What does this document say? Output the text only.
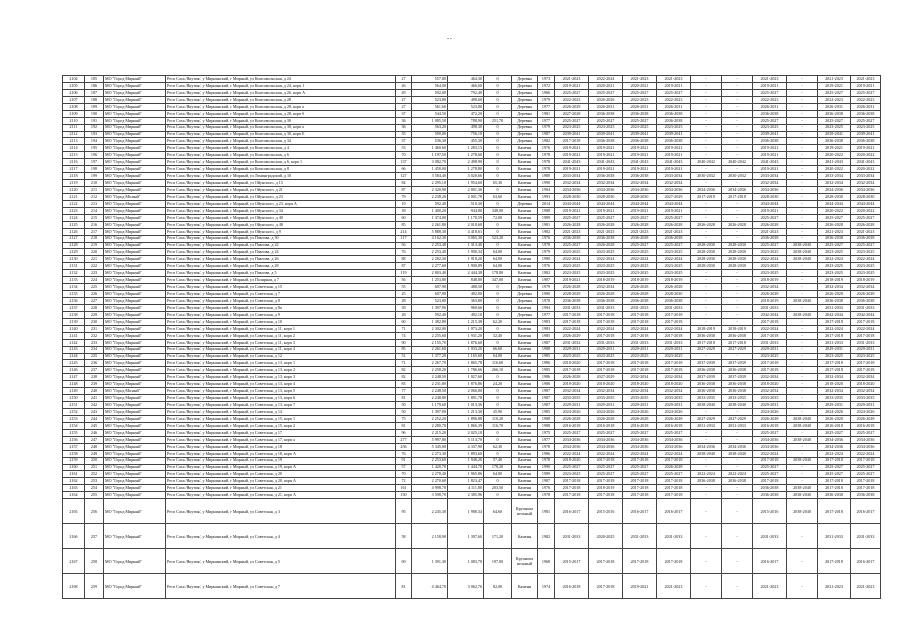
--
2104	185	МО "Город Мирный"	Респ Саха /Якутия/, у Мирнинский, г Мирный, ул Комсомольская, д 24	27	557,80	464,30	0	Деревян	1973	2021-2023	2022-2024	2021-2023	2021-2023	-	-	2021-2023	-	2021-2023	2021-2023
2105	186	МО "Город Мирный"	Респ Саха /Якутия/, у Мирнинский, г Мирный, ул Комсомольская, д 24, корп 1	26	564,00	466,60	0	Деревян	1972	2019-2021	2020-2021	2020-2021	2019-2021	-	-	2019-2021	-	2019-2021	2019-2021
2106	187	МО "Город Мирный"	Респ Саха /Якутия/, у Мирнинский, г Мирный, ул Комсомольская, д 26, корп А	49	592,00	792,40	0	Деревян	1966	2025-2027	2025-2027	2025-2027	2025-2027	-	-	2025-2027	-	2025-2027	2025-2027
2107	188	МО "Город Мирный"	Респ Саха /Якутия/, у Мирнинский, г Мирный, ул Комсомольская, д 28	27	523,80	498,60	0	Деревян	1979	2022-2023	2026-2026	2022-2023	2022-2023	-	-	2022-2023	-	2022-2023	2022-2023
2108	189	МО "Город Мирный"	Респ Саха /Якутия/, у Мирнинский, г Мирный, ул Комсомольская, д 28, корп а	27	561,60	523,80	0	Деревян	1977	2026-2029	2026-2031	2026-2031	2026-2031	-	-	2026-2031	-	2026-2031	2026-2031
2109	190	МО "Город Мирный"	Респ Саха /Якутия/, у Мирнинский, г Мирный, ул Комсомольская, д 28, корп б	37	544,50	472,20	0	Деревян	1981	2027-2028	2036-2038	2036-2038	2036-2038	-	-	2036-2038	-	2036-2038	2036-2038
2110	191	МО "Город Мирный"	Респ Саха /Якутия/, у Мирнинский, г Мирный, ул Комсомольская, д 30	36	1 085,50	788,90	251,70	Деревян	1977	2025-2027	2025-2027	2025-2027	2036-2038	-	-	2025-2027	-	2025-2027	2025-2027
2111	192	МО "Город Мирный"	Респ Саха /Якутия/, у Мирнинский, г Мирный, ул Комсомольская, д 30, корп а	36	563,20	498,30	0	Деревян	1979	2023-2025	2023-2025	2023-2025	2023-2025	-	-	2023-2025	-	2023-2025	2023-2025
2112	193	МО "Город Мирный"	Респ Саха /Якутия/, у Мирнинский, г Мирный, ул Комсомольская, д 30, корп Б	35	590,00	756,10	0	Деревян	1987	2039-2041	2039-2041	2039-2041	2039-2041	-	-	2039-2041	-	2039-2041	2039-2041
2113	194	МО "Город Мирный"	Респ Саха /Якутия/, у Мирнинский, г Мирный, ул Комсомольская, д 34	37	536,30	455,30	0	Деревян	1982	2017-2018	2036-2038	2036-2038	2036-2038	-	-	2036-2038	-	2036-2038	2036-2038
2114	195	МО "Город Мирный"	Респ Саха /Якутия/, у Мирнинский, г Мирный, ул Комсомольская, д 4	53	1 460,60	1 283,15	0	Каменн	1976	2019-2021	2019-2021	2019-2021	2019-2021	-	-	2019-2021	-	2019-2021	2019-2021
2115	196	МО "Город Мирный"	Респ Саха /Якутия/, у Мирнинский, г Мирный, ул Комсомольская, д 6	70	1 197,50	1 278,60	0	Каменн	1978	2019-2021	2019-2021	2019-2021	2019-2021	-	-	2019-2021	-	2020-2022	2020-2022
2116	197	МО "Город Мирный"	Респ Саха /Якутия/, у Мирнинский, г Мирный, ул Комсомольская, д 6, корп 1	137	3 082,70	2 498,90	0	Каменн	1978	2041-2043	2041-2043	2041-2043	2041-2043	2040-2042	2040-2042	2041-2043	-	2041-2043	2041-2043
2117	198	МО "Город Мирный"	Респ Саха /Якутия/, у Мирнинский, г Мирный, ул Комсомольская, д 8	66	1 450,00	1 278,80	0	Каменн	1978	2019-2021	2019-2021	2019-2021	2019-2021	-	-	2019-2021	-	2020-2022	2020-2022
2118	199	МО "Город Мирный"	Респ Саха /Якутия/, у Мирнинский, г Мирный, ул Ленинградский, д 10	127	3 584,40	3 020,66	0	Каменн	1980	2033-2034	2036-2038	2036-2038	2033-2034	2030-2032	2030-2032	2033-2034	-	2033-2034	2033-2034
2119	210	МО "Город Мирный"	Респ Саха /Якутия/, у Мирнинский, г Мирный, ул Ойунского, д 13	84	2 295,10	1 954,60	65,30	Каменн	1990	2032-2034	2032-2034	2032-2034	2032-2034	-	-	2032-2034	-	2032-2034	2032-2034
2120	211	МО "Город Мирный"	Респ Саха /Якутия/, у Мирнинский, г Мирный, ул Ойунского, д 21	87	2 320,90	2 001,36	0	Каменн	1994	2034-2036	2034-2036	2034-2036	2034-2036	2034-2036	2034-2036	2034-2036	-	2034-2036	2034-2036
2121	212	МО "Город Мirный"	Респ Саха /Якутия/, у Мирнинский, г Мирный, ул Ойунского, д 23	79	2 238,20	2 001,78	63,60	Каменн	1993	2028-2030	2028-2030	2028-2030	2027-2029	2017-2018	2017-2018	2028-2030	-	2028-2030	2028-2030
2122	213	МО "Город Мирный"	Респ Саха /Якутия/, у Мирнинский, г Мирный, ул Ойунского, д 23, корп А	19	592,40	510,30	0	Деревян	2014	2044-2044	2044-2044	2044-2044	2044-2044	-	-	2044-2044	-	2044-2044	2044-2044
2123	214	МО "Город Мирный"	Респ Саха /Якутия/, у Мирнинский, г Мирный, ул Ойунского, д 34	39	1 400,20	944,80	348,00	Каменн	1988	2019-2021	2019-2021	2019-2021	2019-2021	-	-	2019-2021	-	2020-2022	2020-2022
2124	215	МО "Город Мирный"	Респ Саха /Якутия/, у Мирнинский, г Мирный, ул Ойунского, д 40	60	1 374,00	1 170,59	72,00	Каменн	1989	2025-2027	2025-2027	2025-2027	2025-2027	-	-	2025-2027	-	2025-2027	2025-2027
2125	216	МО "Город Мирный"	Респ Саха /Якутия/, у Мирнинский, г Мирный, ул Ойунского, д 48	85	2 261,80	2 018,60	0	Каменн	1981	2026-2028	2026-2028	2026-2028	2026-2028	2026-2028	2026-2028	2026-2028	-	2026-2028	2026-2028
2126	217	МО "Город Мирный"	Респ Саха /Якутия/, у Мирнинский, г Мирный, ул Ойунского, д 9	214	5 888,30	4 418,61	0	Каменн	1982	2021-2023	2021-2023	2021-2023	2021-2023	-	-	2021-2023	-	2021-2023	2021-2023
2127	218	МО "Город Мирный"	Респ Саха /Якутия/, у Мирнинский, г Мирный, ул Павлова, д 30	117	4 162,30	3 065,30	523,20	Каменн	1976	2036-2038	2036-2038	2036-2038	2036-2038	-	-	2036-2038	-	2036-2038	2036-2038
2128	219	МО "Город Мирный"	Респ Саха /Якутия/, у Мирнинский, г Мирный, ул Павлова, д 22	56	2 253,40	1 313,40	0	Каменн	1978	2025-2027	2026-2028	2025-2027	2025-2027	2028-2030	2028-2030	2025-2027	2038-2040	2025-2027	2025-2027
2129	220	МО "Город Мирный"	Респ Саха /Якутия/, у Мирнинский, г Мирный, ул Павлова, д 24	76	2 253,40	1 900,34	64,00	Каменн	1979	2023-2025	2023-2025	2023-2025	2023-2025	2028-2030	2028-2030	2023-2025	2038-2040	2023-2025	2023-2025
2130	221	МО "Город Мирный"	Респ Саха /Якутия/, у Мирнинский, г Мирный, ул Павлова, д 26	88	2 282,30	1 918,20	64,00	Каменн	1980	2022-2024	2022-2024	2022-2024	2022-2024	2028-2030	2028-2030	2022-2024	2038-2040	2022-2024	2022-2024
2131	222	МО "Город Мирный"	Респ Саха /Якутия/, у Мирнинский, г Мирный, ул Павлова, д 28	87	2 277,60	1 900,89	64,00	Каменн	1976	2023-2025	2023-2025	2023-2025	2023-2025	2028-2030	2028-2030	2023-2025	-	2023-2025	2023-2025
2132	223	МО "Город Мирный"	Респ Саха /Якутия/, у Мирнинский, г Мирный, ул Павлова, д 5	119	2 803,40	2 444,38	178,80	Каменн	1982	2023-2025	2023-2025	2023-2025	2023-2025	-	-	2023-2025	-	2023-2025	2023-2025
2133	224	МО "Город Мирный"	Респ Саха /Якутия/, у Мирнинский, г Мирный, ул Полярная, д 7	56	1 253,80	848,80	347,00	Каменн	1987	2019-2021	2018-2019	2018-2019	2018-2019	-	-	2018-2019	-	2018-2019	2018-2019
2134	225	МО "Город Мирный"	Респ Саха /Якутия/, у Мирнинский, г Мирный, ул Советская, д 15	55	607,90	488,50	0	Деревян	1979	2026-2028	2032-2034	2026-2028	2026-2028	-	-	2032-2034	-	2032-2034	2032-2034
2135	226	МО "Город Мирный"	Респ Саха /Якутия/, у Мирнинский, г Мирный, ул Советская, д 7	25	607,90	492,00	0	Деревян	1980	2028-2029	2026-2028	2026-2028	2028-2030	-	-	2026-2028	-	2026-2028	2026-2028
2136	227	МО "Город Мирный"	Респ Саха /Якутия/, у Мирнинский, г Мирный, ул Советская, д 8	28	523,80	363,80	0	Деревян	1978	2036-2038	2036-2038	2036-2038	2036-2038	-	-	2018-2019	2038-2040	2036-2038	2036-2038
2137	228	МО "Город Мирный"	Респ Саха /Якутия/, у Мирнинский, г Мирный, ул Советская, д 8а	39	1 397,90	960,66	0	Каменн	1994	2031-2033	2031-2033	2031-2033	2031-2033	-	-	2031-2033	-	2031-2033	2031-2033
2138	229	МО "Город Мирный"	Респ Саха /Якутия/, у Мирнинский, г Мирный, ул Советская, д 9	28	592,40	492,10	0	Деревян	1977	2017-2018	2017-2018	2017-2018	2017-2018	-	-	2042-2044	2038-2040	2042-2044	2042-2044
2139	230	МО "Город Мирный"	Респ Саха /Якутия/, у Мирнинский, г Мирный, ул Советская, д 10	60	1 382,80	1 215,38	62,20	Каменн	1983	2017-2018	2017-2018	2017-2018	2017-2018	-	-	2017-2018	-	2017-2018	2017-2018
2140	231	МО "Город Мирный"	Респ Саха /Якутия/, у Мирнинский, г Мирный, ул Советская, д 11, корп 1	71	2 302,00	1 973,20	0	Каменн	1983	2022-2024	2022-2024	2022-2024	2022-2024	2018-2019	2018-2019	2022-2024	-	2022-2024	2022-2024
2141	232	МО "Город Мирный"	Респ Саха /Якутия/, у Мирнинский, г Мирный, ул Советская, д 11, корп 2	74	2 255,60	1 931,20	32,40	Каменн	1985	2026-2029	2017-2018	2017-2018	2017-2018	2036-2038	2036-2038	2017-2018	-	2017-2018	2017-2018
2142	233	МО "Город Мирный"	Респ Саха /Якутия/, у Мирнинский, г Мирный, ул Советская, д 11, корп 3	90	2 155,70	1 876,60	0	Каменн	1987	2031-2032	2031-2033	2031-2033	2031-2033	2017-2018	2017-2018	2031-2033	-	2031-2033	2031-2033
2143	234	МО "Город Мирный"	Респ Саха /Якутия/, у Мирнинский, г Мирный, ул Советская, д 11, корп 4	85	2 261,60	1 933,20	66,60	Каменн	1988	2029-2031	2029-2031	2029-2031	2029-2031	2027-2029	2027-2029	2029-2031	-	2029-2031	2029-2031
2144	235	МО "Город Мирный"	Респ Саха /Якутия/, у Мирнинский, г Мирный, ул Советская, д 12	51	1 377,20	1 165,60	64,00	Каменн	1985	2023-2025	2023-2025	2023-2025	2023-2025	-	-	2023-2025	-	2023-2025	2023-2025
2145	236	МО "Город Мирный"	Респ Саха /Якутия/, у Мирнинский, г Мирный, ул Советская, д 13, корп 1	71	2 267,70	1 865,78	116,60	Каменн	1986	2018-2020	2017-2018	2017-2018	2017-2018	2037-2039	2037-2039	2017-2018	-	2017-2018	2017-2018
2146	237	МО "Город Мирный"	Респ Саха /Якутия/, у Мирнинский, г Мирный, ул Советская, д 13, корп 2	82	2 258,20	1 786,66	266,10	Каменн	1985	2017-2018	2017-2018	2017-2018	2017-2018	2036-2038	2036-2038	2017-2018	-	2017-2018	2017-2018
2147	238	МО "Город Мирный"	Респ Саха /Якутия/, у Мирнинский, г Мирный, ул Советская, д 13, корп 3	82	2 248,50	1 927,60	0	Каменн	1986	2026-2028	2027-2029	2032-2034	2032-2034	2037-2039	2037-2039	2032-2034	-	2032-2034	2032-2034
2148	239	МО "Город Мирный"	Респ Саха /Якутия/, у Мирнинский, г Мирный, ул Советская, д 13, корп 4	83	2 231,80	1 876,86	24,20	Каменн	1986	2018-2020	2018-2020	2018-2020	2018-2020	2036-2038	2036-2038	2018-2020	-	2018-2020	2018-2020
2149	240	МО "Город Мirный"	Респ Саха /Якутия/, у Мирнинский, г Мирный, ул Советская, д 13, корп 5	77	2 248,50	2 066,80	0	Каменн	1987	2032-2034	2032-2034	2032-2034	2032-2034	2036-2038	2036-2038	2032-2034	-	2032-2034	2032-2034
2150	241	МО "Город Мирный"	Респ Саха /Якутия/, у Мирнинский, г Мирный, ул Советская, д 13, корп 6	81	2 248,80	1 891,78	0	Каменн	1987	2033-2035	2033-2035	2033-2035	2033-2035	2033-2035	2033-2035	2033-2035	-	2033-2035	2033-2035
2151	242	МО "Город Мирный"	Респ Саха /Якутия/, у Мирнинский, г Мирный, ул Советская, д 13, корп 7	50	1 179,60	1 013,36	0	Каменн	1987	2029-2031	2029-2031	2029-2031	2029-2031	2038-2040	2038-2040	2029-2031	-	2029-2031	2029-2031
2152	243	МО "Город Мирный"	Респ Саха /Якутия/, у Мирнинский, г Мирный, ул Советская, д 14	50	1 397,00	1 213,30	45,90	Каменн	1985	2024-2026	2024-2026	2024-2026	2024-2026	-	-	2024-2026	-	2024-2026	2024-2026
2153	244	МО "Город Мирный"	Респ Саха /Якутия/, у Мирнинский, г Мирный, ул Советская, д 15, корп 1	75	2 252,20	1 896,88	110,20	Каменн	1988	2026-2028	2026-2028	2026-2028	2026-2028	2027-2029	2027-2029	2026-2028	2038-2040	2026-2028	2026-2028
2154	245	МО "Город Мирный"	Респ Саха /Якутия/, у Мирнинский, г Мирный, ул Советская, д 15, корп 2	81	2 280,70	1 866,39	116,70	Каменн	1988	2016-2018	2016-2018	2016-2018	2016-2018	2031-2033	2031-2033	2016-2018	2038-2040	2016-2018	2016-2018
2155	246	МО "Город Мирный"	Респ Саха /Якутия/, у Мирнинский, г Мирный, ул Советская, д 17	96	2 215,20	2 025,10	0	Каменн	1975	2025-2027	2025-2027	2025-2027	2025-2027	-	-	2025-2027	-	2025-2027	2025-2027
2156	247	МО "Город Мирный"	Респ Саха /Якутия/, у Мирнинский, г Мирный, ул Советская, д 17, корп а	277	5 997,80	5 113,70	0	Каменн	1977	2034-2036	2034-2036	2034-2036	2034-2036	-	-	2034-2036	2038-2040	2034-2036	2034-2036
2157	248	МО "Город Мирный"	Респ Саха /Якутия/, у Мирнинский, г Мирный, ул Советская, д 18	256	5 345,00	4 337,90	62,30	Каменн	1978	2034-2036	2034-2036	2034-2036	2034-2036	2034-2036	2034-2036	2034-2036	-	2034-2036	2034-2036
2158	249	МО "Город Мирный"	Респ Саха /Якутия/, у Мирнинский, г Мирный, ул Советская, д 18, корп А	76	2 273,30	1 893,60	0	Каменн	1986	2022-2024	2022-2024	2022-2024	2022-2024	2038-2040	2038-2040	2022-2024	-	2022-2024	2022-2024
2159	250	МО "Город Мирный"	Респ Саха /Якутия/, у Мирнинский, г Мирный, ул Советская, д 19	91	2 253,60	1 946,20	57,40	Каменн	1978	2018-2020	2017-2018	2017-2018	2017-2018	-	-	2017-2018	2038-2040	2017-2018	2017-2018
2160	251	МО "Город Мирный"	Респ Саха /Якутия/, у Мирнинский, г Мирный, ул Советская, д 19, корп А	57	1 420,70	1 444,70	178,20	Каменн	1990	2025-2027	2025-2027	2025-2027	2026-2028	-	-	2025-2027	-	2025-2027	2025-2027
2161	252	МО "Город Мирный"	Респ Саха /Якутия/, у Мирнинский, г Мирный, ул Советская, д 20	70	2 278,40	1 965,86	64,80	Каменн	1989	2023-2025	2025-2027	2025-2027	2025-2027	2022-2024	2022-2024	2025-2027	-	2025-2027	2025-2027
2162	253	МО "Город Мирный"	Респ Саха /Якутия/, у Мирнинский, г Мирный, ул Советская, д 20, корп А	72	2 270,60	1 823,47	0	Каменн	1987	2017-2018	2017-2018	2017-2018	2017-2018	2036-2038	2036-2038	2017-2018	-	2017-2018	2017-2018
2163	254	МО "Город Мирный"	Респ Саха /Якутия/, у Мирнинский, г Мирный, ул Советская, д 21	161	4 998,70	4 111,80	203,50	Каменн	1976	2017-2018	2018-2019	2017-2018	2017-2018	-	-	2036-2038	2038-2040	2017-2018	2017-2018
2164	255	МО "Город Мирный"	Респ Саха /Якутия/, у Мирнинский, г Мирный, ул Советская, д 21, корп А	150	3 598,70	2 385,96	0	Каменн	1978	2017-2018	2017-2018	2017-2018	2017-2018	-	-	2036-2038	2038-2040	2036-2038	2036-2038
2165	256	МО "Город Мирный"	Респ Саха /Якутия/, у Мирнинский, г Мирный, ул Советская, д 3	95	2 245,30	1 988,34	64,60	Крупнопа нельный	1981	2016-2017	2015-2016	2016-2017	2016-2017	-	-	2015-2016	2038-2040	2017-2018	2016-2017
2166	257	МО "Город Мирный"	Респ Саха /Якутия/, у Мирнинский, г Мирный, ул Советская, д 4	58	2 158,90	1 397,60	171,20	Каменн	1982	2031-2033	2020-2025	2031-2033	2031-2033	-	-	2031-2033	-	2031-2033	2031-2033
2167	258	МО "Город Мирный"	Респ Саха /Якутия/, у Мирнинский, г Мирный, ул Советская, д 5	69	1 391,30	1 083,70	197,00	Крупнопа нельный	1968	2015-2017	2017-2018	2017-2018	2017-2018	-	-	2016-2017	-	2017-2018	2016-2017
2168	259	МО "Город Мирный"	Респ Саха /Якутия/, у Мирнинский, г Мирный, ул Советская, д 7	81	4 464,70	3 062,76	82,00	Каменн	1974	2016-2018	2017-2018	2019-2021	2021-2023	-	-	2021-2023	-	2021-2023	2021-2023
